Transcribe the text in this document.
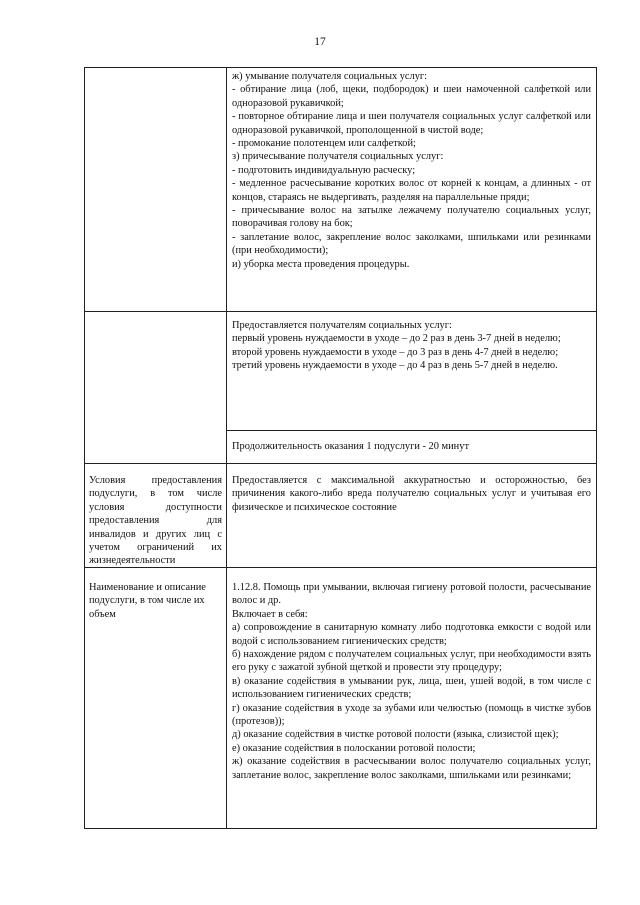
17

ж) умывание получателя социальных услуг:

- обтирание лица (лоб, щеки, подбородок) и шеи намоченной салфеткой или одноразовой рукавичкой;

- повторное обтирание лица и шеи получателя социальных услуг салфеткой или одноразовой рукавичкой, прополощенной в чистой воде;

- промокание полотенцем или салфеткой;

з) причесывание получателя социальных услуг:

- подготовить индивидуальную расческу;

- медленное расчесывание коротких волос от корней к концам, а длинных - от концов, стараясь не выдергивать, разделяя на параллельные пряди;

- причесывание волос на затылке лежачему получателю социальных услуг, поворачивая голову на бок;

- заплетание волос, закрепление волос заколками, шпильками или резинками (при необходимости);

и) уборка места проведения процедуры.

Предоставляется получателям социальных услуг:

первый уровень нуждаемости в уходе – до 2 раз в день 3-7 дней в неделю;

второй уровень нуждаемости в уходе – до 3 раз в день 4-7 дней в неделю;

третий уровень нуждаемости в уходе – до 4 раз в день 5-7 дней в неделю.

Продолжительность оказания 1 подуслуги - 20 минут

Условия предоставления подуслуги, в том числе условия доступности предоставления для инвалидов и других лиц с учетом ограничений их жизнедеятельности

Предоставляется с максимальной аккуратностью и осторожностью, без причинения какого-либо вреда получателю социальных услуг и учитывая его физическое и психическое состояние

Наименование и описание подуслуги, в том числе их объем

1.12.8. Помощь при умывании, включая гигиену ротовой полости, расчесывание волос и др.

Включает в себя:

а) сопровождение в санитарную комнату либо подготовка емкости с водой или водой с использованием гигиенических средств;

б) нахождение рядом с получателем социальных услуг, при необходимости взять его руку с зажатой зубной щеткой и провести эту процедуру;

в) оказание содействия в умывании рук, лица, шеи, ушей водой, в том числе с использованием гигиенических средств;

г) оказание содействия в уходе за зубами или челюстью (помощь в чистке зубов (протезов));

д) оказание содействия в чистке ротовой полости (языка, слизистой щек);

е) оказание содействия в полоскании ротовой полости;

ж) оказание содействия в расчесывании волос получателю социальных услуг, заплетание волос, закрепление волос заколками, шпильками или резинками;
